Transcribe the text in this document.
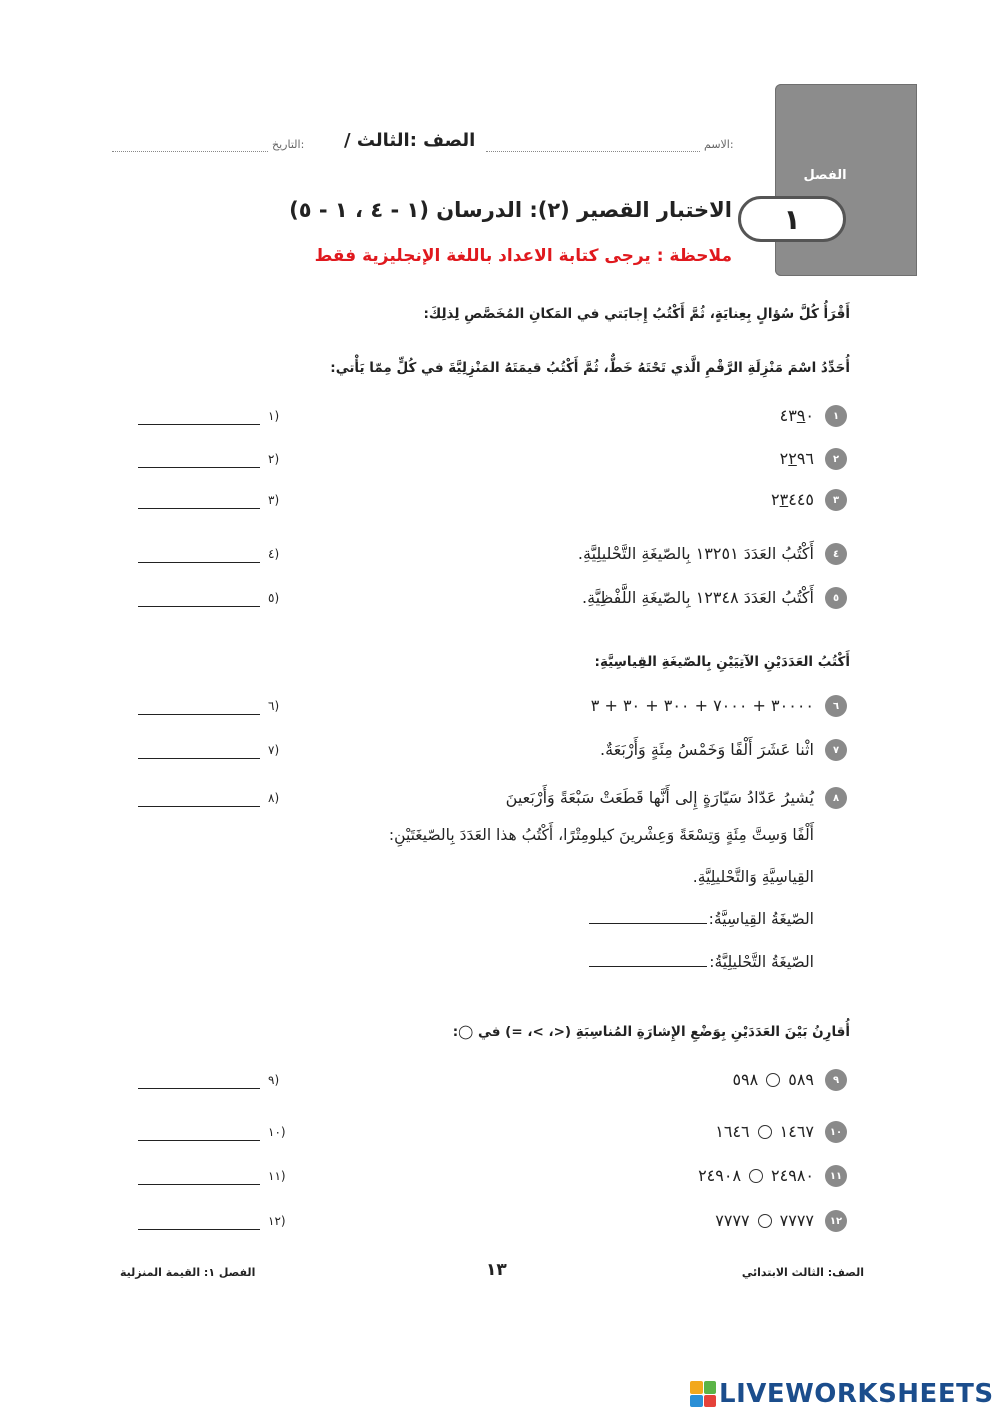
الفصل
١
الاسم:
الصف :الثالث /
التاريخ:
الاختبار القصير (٢): الدرسان (١ - ٤ ، ١ - ٥)
ملاحظة : يرجى كتابة الاعداد باللغة الإنجليزية فقط
أَقْرَأُ كُلَّ سُؤالٍ بِعِنايَةٍ، ثُمَّ أَكْتُبُ إِجابَتي في المَكانِ المُخَصَّصِ لِذلِكَ:
أُحَدِّدُ اسْمَ مَنْزِلَةِ الرَّقْمِ الَّذي تَحْتَهُ خَطٌّ، ثُمَّ أَكْتُبُ قيمَتَهُ المَنْزِلِيَّةَ في كُلٍّ مِمّا يَأْتي:
١
٤٣٩٠
(١
٢
٢٢٩٦
(٢
٣
٢٣٤٤٥
(٣
٤
أَكْتُبُ العَدَدَ ١٣٢٥١ بِالصّيغَةِ التَّحْليلِيَّةِ.
(٤
٥
أَكْتُبُ العَدَدَ ١٢٣٤٨ بِالصّيغَةِ اللَّفْظِيَّةِ.
(٥
أَكْتُبُ العَدَدَيْنِ الآتِيَيْنِ بِالصّيغَةِ القِياسِيَّةِ:
٦
٣٠٠٠٠ + ٧٠٠٠ + ٣٠٠ + ٣٠ + ٣
(٦
٧
اثْنا عَشَرَ أَلْفًا وَخَمْسُ مِئَةٍ وَأَرْبَعَةٌ.
(٧
٨
يُشيرُ عَدّادُ سَيّارَةٍ إِلى أَنَّها قَطَعَتْ سَبْعَةً وَأَرْبَعينَ
(٨
أَلْفًا وَسِتَّ مِئَةٍ وَتِسْعَةً وَعِشْرينَ كيلومِتْرًا، أَكْتُبُ هذا العَدَدَ بِالصّيغَتَيْنِ:
القِياسِيَّةِ وَالتَّحْليلِيَّةِ.
الصّيغَةُ القِياسِيَّةُ:
الصّيغَةُ التَّحْليلِيَّةُ:
أُقارِنُ بَيْنَ العَدَدَيْنِ بِوَضْعِ الإِشارَةِ المُناسِبَةِ (<، >، =) في ◯:
٩
٥٨٩٥٩٨
(٩
١٠
١٤٦٧١٦٤٦
(١٠
١١
٢٤٩٨٠٢٤٩٠٨
(١١
١٢
٧٧٧٧٧٧٧٧
(١٢
الصف: الثالث الابتدائي
١٣
الفصل ١: القيمة المنزلية
LIVEWORKSHEETS
